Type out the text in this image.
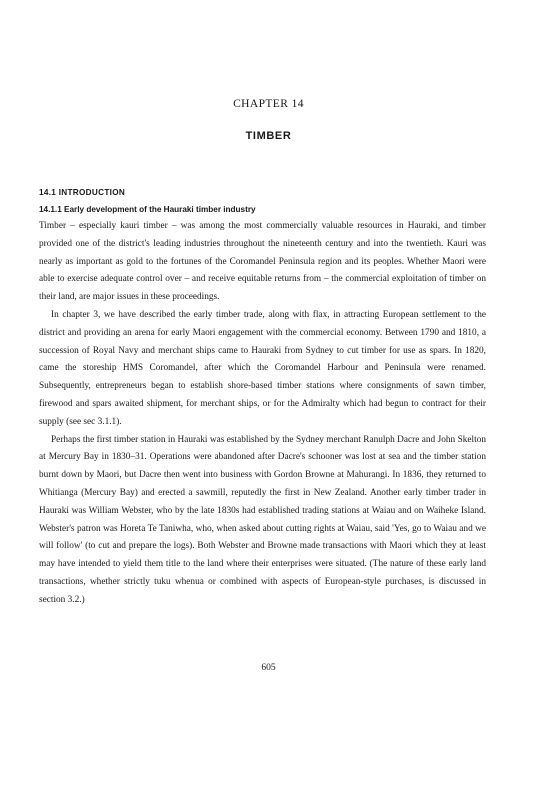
CHAPTER 14
TIMBER
14.1 INTRODUCTION
14.1.1 Early development of the Hauraki timber industry

Timber – especially kauri timber – was among the most commercially valuable resources in Hauraki, and timber provided one of the district's leading industries throughout the nineteenth century and into the twentieth. Kauri was nearly as important as gold to the fortunes of the Coromandel Peninsula region and its peoples. Whether Maori were able to exercise adequate control over – and receive equitable returns from – the commercial exploitation of timber on their land, are major issues in these proceedings.

In chapter 3, we have described the early timber trade, along with flax, in attracting European settlement to the district and providing an arena for early Maori engagement with the commercial economy. Between 1790 and 1810, a succession of Royal Navy and merchant ships came to Hauraki from Sydney to cut timber for use as spars. In 1820, came the storeship HMS Coromandel, after which the Coromandel Harbour and Peninsula were renamed. Subsequently, entrepreneurs began to establish shore-based timber stations where consignments of sawn timber, firewood and spars awaited shipment, for merchant ships, or for the Admiralty which had begun to contract for their supply (see sec 3.1.1).

Perhaps the first timber station in Hauraki was established by the Sydney merchant Ranulph Dacre and John Skelton at Mercury Bay in 1830–31. Operations were abandoned after Dacre's schooner was lost at sea and the timber station burnt down by Maori, but Dacre then went into business with Gordon Browne at Mahurangi. In 1836, they returned to Whitianga (Mercury Bay) and erected a sawmill, reputedly the first in New Zealand. Another early timber trader in Hauraki was William Webster, who by the late 1830s had established trading stations at Waiau and on Waiheke Island. Webster's patron was Horeta Te Taniwha, who, when asked about cutting rights at Waiau, said 'Yes, go to Waiau and we will follow' (to cut and prepare the logs). Both Webster and Browne made transactions with Maori which they at least may have intended to yield them title to the land where their enterprises were situated. (The nature of these early land transactions, whether strictly tuku whenua or combined with aspects of European-style purchases, is discussed in section 3.2.)

605
